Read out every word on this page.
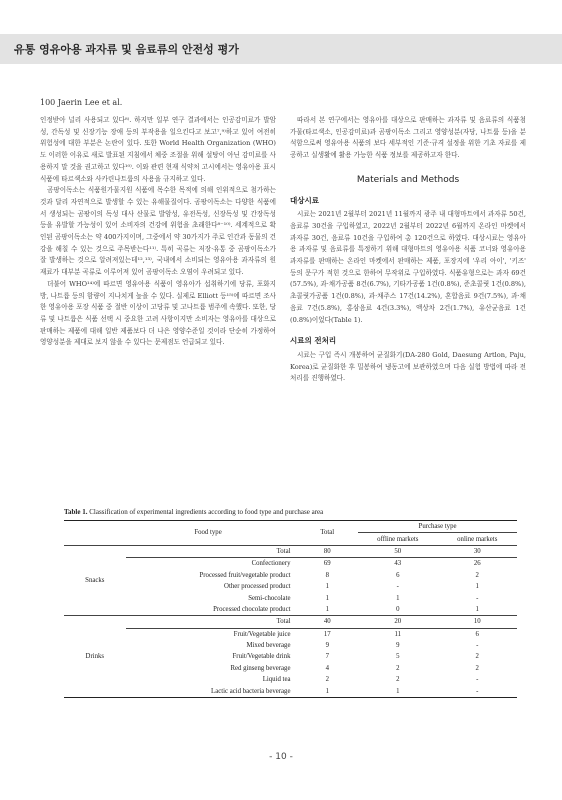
유통 영유아용 과자류 및 음료류의 안전성 평가
100 Jaerin Lee et al.

인정받아 널리 사용되고 있다⁸⁾. 하지만 일부 연구 결과에서는 인공감미료가 발암성, 간독성 및 신장기능 장애 등의 부작용을 일으킨다고 보고⁷,⁹⁾하고 있어 여전히 위험성에 대한 부분은 논란이 있다. 또한 World Health Organization (WHO)도 이러한 이유로 새로 발표된 지침에서 체중 조절을 위해 설탕이 아닌 감미료를 사용하지 말 것을 권고하고 있다¹⁰⁾. 이와 관련 현재 식약처 고시에서는 영유아용 표시 식품에 타르색소와 사카린나트륨의 사용을 규지하고 있다.

곰팡이독소는 식품원가물지원 식품에 목수한 목적에 의해 인위적으로 첨가하는 것과 달리 자연적으로 발생할 수 있는 유해물질이다. 곰팡이독소는 다양한 식품에서 생성되는 곰팡이의 독성 대사 산물로 발암성, 유전독성, 신장독성 및 간장독성 등을 유발할 가능성이 있어 소비자의 건강에 위험을 초래한다⁸⁻¹⁰⁾. 세계적으로 확인된 곰팡이독소는 약 400가지이며, 그중에서 약 30가지가 주로 인간과 동물의 건강을 해칠 수 있는 것으로 주목받는다¹¹⁾. 특히 곡류는 저장·유통 중 곰팡이독소가 잘 발생하는 것으로 알려져있는데¹²,¹³⁾, 국내에서 소비되는 영유아용 과자류의 원재료가 대부분 곡류로 이루어져 있어 곰팡이독소 오염이 우려되고 있다.

더불어 WHO¹⁴⁾에 따르면 영유아용 식품이 영유아가 섭취하기에 당류, 포화지방, 나트륨 등의 함량이 지나치게 높을 수 있다. 실제로 Elliott 등¹⁵⁾에 따르면 조사한 영유아용 포장 식품 중 절반 이상이 고당류 및 고나트륨 범주에 속했다. 또한, 당류 및 나트륨은 식품 선택 시 중요한 고려 사항이지만 소비자는 영유아를 대상으로 판매하는 제품에 대해 일반 제품보다 더 나은 영양수준일 것이라 단순히 가정하여 영양성분을 제대로 보지 않을 수 있다는 문제점도 언급되고 있다.

따라서 본 연구에서는 영유아를 대상으로 판매하는 과자류 및 음료류의 식품첨가물(타르색소, 인공감미료)과 곰팡이독소 그리고 영양성분(자당, 나트륨 등)을 분석함으로써 영유아용 식품의 보다 세부적인 기준·규격 설정을 위한 기초 자료를 제공하고 실생활에 활용 가능한 식품 정보를 제공하고자 한다.

Materials and Methods
대상시료

시료는 2021년 2월부터 2021년 11월까지 광주 내 대형마트에서 과자류 50건, 음료류 30건을 구입하였고, 2022년 2월부터 2022년 6월까지 온라인 마켓에서 과자류 30건, 음료류 10건을 구입하여 총 120건으로 하였다. 대상시료는 영유아용 과자류 및 음료류를 특정하기 위해 대형마트의 영유아용 식품 코너와 영유아용 과자류를 판매하는 온라인 마켓에서 판매하는 제품, 포장지에 '우리 아이', '키즈' 등의 문구가 적힌 것으로 한하여 무작위로 구입하였다. 식품유형으로는 과자 69건(57.5%), 과·채가공품 8건(6.7%), 기타가공품 1건(0.8%), 준초콜릿 1건(0.8%), 초콜릿가공품 1건(0.8%), 과·채주스 17건(14.2%), 혼합음료 9건(7.5%), 과·채음료 7건(5.8%), 홍삼음료 4건(3.3%), 액상차 2건(1.7%), 유산균음료 1건(0.8%)이었다(Table 1).

시료의 전처리

시료는 구입 즉시 개봉하여 균질화기(DA-280 Gold, Daesung Artlon, Paju, Korea)로 균질화한 후 밀봉하여 냉동고에 보관하였으며 다음 실험 방법에 따라 전처리를 진행하였다.

Table 1. Classification of experimental ingredients according to food type and purchase area
	Food type	Total	Purchase type	
			offline markets	online markets
Snacks	Total	80	50	30
	Confectionery	69	43	26
	Processed fruit/vegetable product	8	6	2
	Other processed product	1	-	1
	Semi-chocolate	1	1	-
	Processed chocolate product	1	0	1
Drinks	Total	40	20	10
	Fruit/Vegetable juice	17	11	6
	Mixed beverage	9	9	-
	Fruit/Vegetable drink	7	5	2
	Red ginseng beverage	4	2	2
	Liquid tea	2	2	-
	Lactic acid bacteria beverage	1	1	-
- 10 -
